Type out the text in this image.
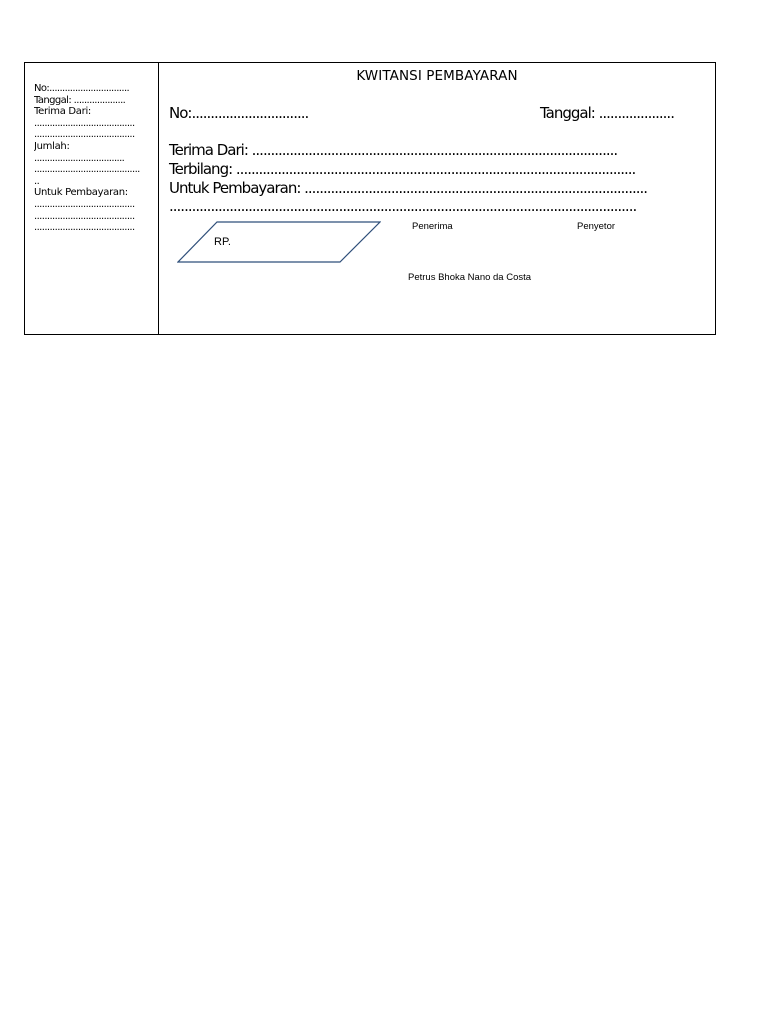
No:...............................
Tanggal: ....................
Terima Dari:
.......................................
.......................................
Jumlah:
...................................
.........................................
..
Untuk Pembayaran:
.......................................
.......................................
.......................................
KWITANSI PEMBAYARAN
No:...............................	Tanggal: ....................
Terima Dari: .................................................................................................
Terbilang: ..........................................................................................................
Untuk Pembayaran: ...........................................................................................
............................................................................................................................
RP.
Penerima	Penyetor
Petrus Bhoka Nano da Costa
